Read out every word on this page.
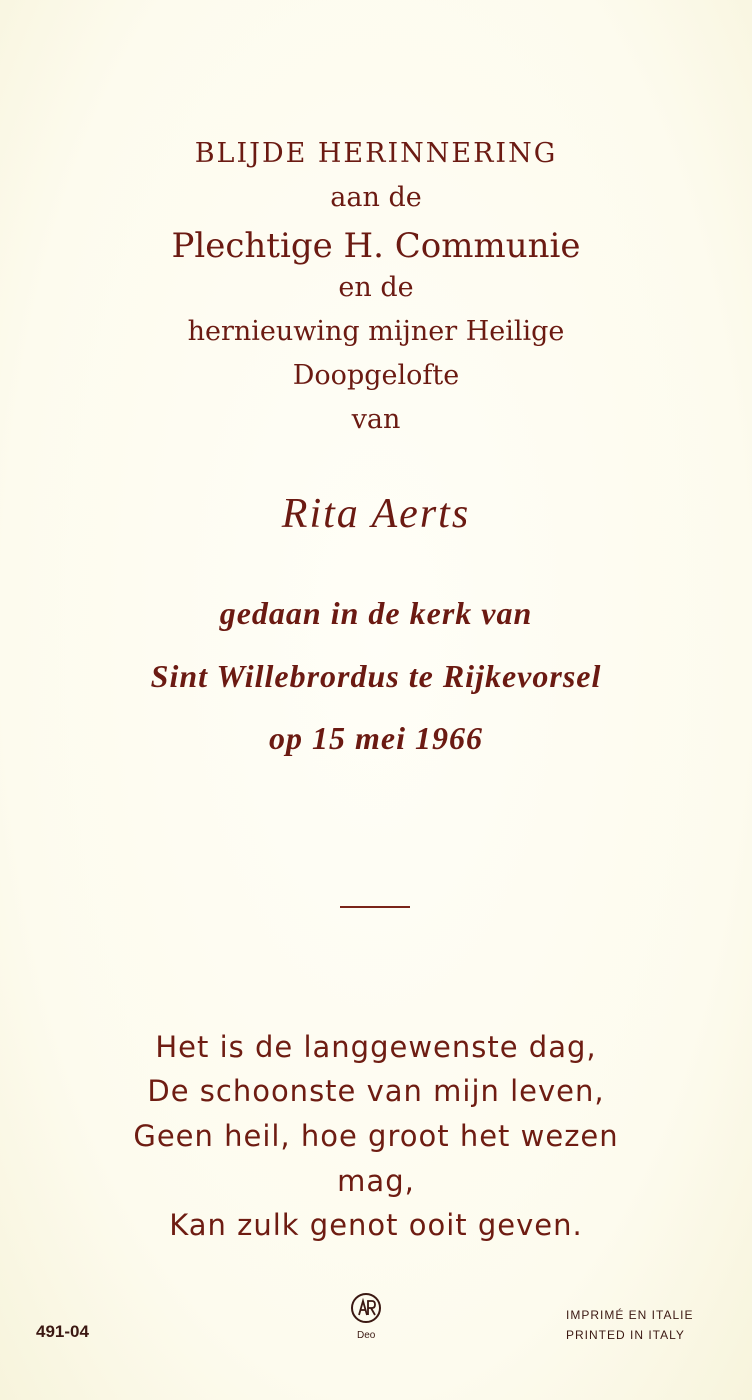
BLIJDE HERINNERING
aan de
Plechtige H. Communie
en de
hernieuwing mijner Heilige
Doopgelofte
van
Rita Aerts
gedaan in de kerk van
Sint Willebrordus te Rijkevorsel
op 15 mei 1966
Het is de langgewenste dag,
De schoonste van mijn leven,
Geen heil, hoe groot het wezen
mag,
Kan zulk genot ooit geven.
491-04	Deo
IMPRIMÉ EN ITALIE
PRINTED IN ITALY
